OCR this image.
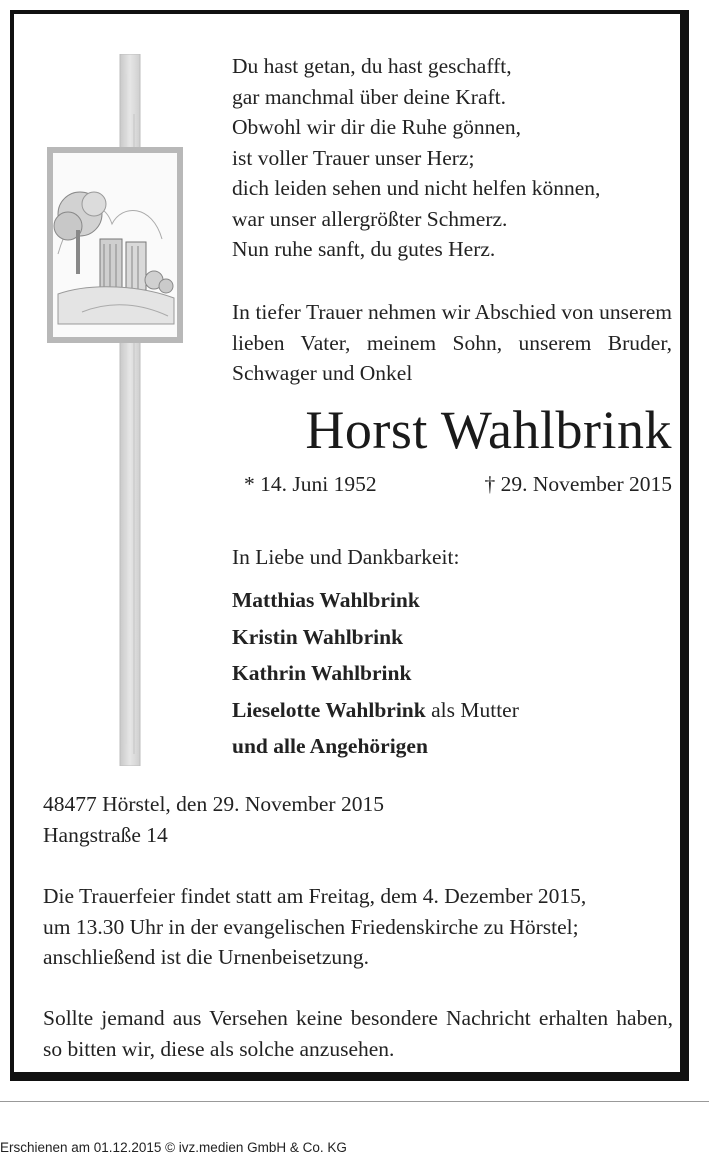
Du hast getan, du hast geschafft,
gar manchmal über deine Kraft.
Obwohl wir dir die Ruhe gönnen,
ist voller Trauer unser Herz;
dich leiden sehen und nicht helfen können,
war unser allergrößter Schmerz.
Nun ruhe sanft, du gutes Herz.
In tiefer Trauer nehmen wir Abschied von unserem lieben Vater, meinem Sohn, unserem Bruder, Schwager und Onkel
Horst Wahlbrink
* 14. Juni 1952	† 29. November 2015
In Liebe und Dankbarkeit:
Matthias Wahlbrink
Kristin Wahlbrink
Kathrin Wahlbrink
Lieselotte Wahlbrink als Mutter
und alle Angehörigen
48477 Hörstel, den 29. November 2015
Hangstraße 14
Die Trauerfeier findet statt am Freitag, dem 4. Dezember 2015,
um 13.30 Uhr in der evangelischen Friedenskirche zu Hörstel;
anschließend ist die Urnenbeisetzung.
Sollte jemand aus Versehen keine besondere Nachricht erhalten haben, so bitten wir, diese als solche anzusehen.
Erschienen am 01.12.2015 © ivz.medien GmbH & Co. KG
